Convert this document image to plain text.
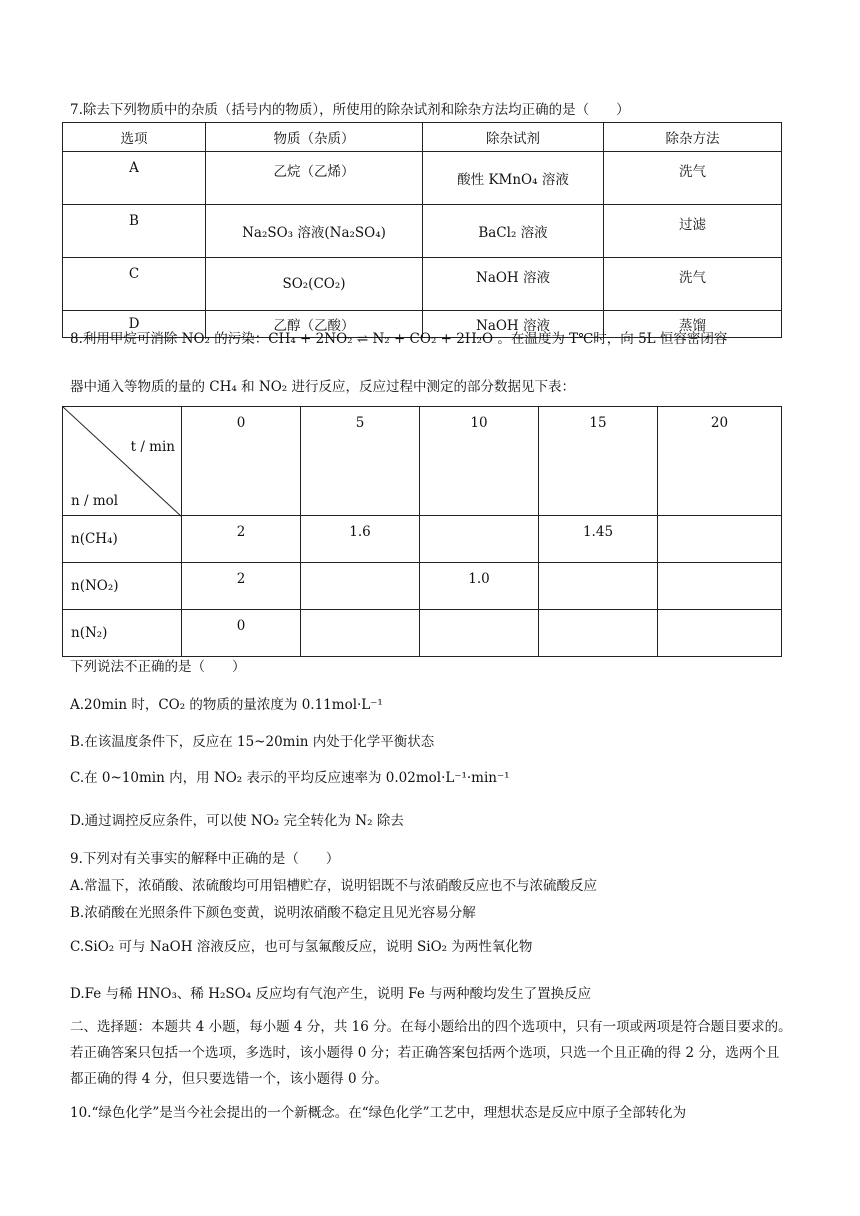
7.除去下列物质中的杂质（括号内的物质），所使用的除杂试剂和除杂方法均正确的是（　　）
选项	物质（杂质）	除杂试剂	除杂方法
A	乙烷（乙烯）	酸性 KMnO₄ 溶液	洗气
B	Na₂SO₃ 溶液(Na₂SO₄)	BaCl₂ 溶液	过滤
C	SO₂(CO₂)	NaOH 溶液	洗气
D	乙醇（乙酸）	NaOH 溶液	蒸馏
8.利用甲烷可消除 NO₂ 的污染：CH₄ + 2NO₂ ⇌ N₂ + CO₂ + 2H₂O 。在温度为 T℃时，向 5L 恒容密闭容
器中通入等物质的量的 CH₄ 和 NO₂ 进行反应，反应过程中测定的部分数据见下表：
t / min
n / mol	0	5	10	15	20
n(CH₄)	2	1.6		1.45	
n(NO₂)	2		1.0		
n(N₂)	0				
下列说法不正确的是（　　）
A.20min 时，CO₂ 的物质的量浓度为 0.11mol·L⁻¹
B.在该温度条件下，反应在 15~20min 内处于化学平衡状态
C.在 0~10min 内，用 NO₂ 表示的平均反应速率为 0.02mol·L⁻¹·min⁻¹
D.通过调控反应条件，可以使 NO₂ 完全转化为 N₂ 除去
9.下列对有关事实的解释中正确的是（　　）
A.常温下，浓硝酸、浓硫酸均可用铝槽贮存，说明铝既不与浓硝酸反应也不与浓硫酸反应
B.浓硝酸在光照条件下颜色变黄，说明浓硝酸不稳定且见光容易分解
C.SiO₂ 可与 NaOH 溶液反应，也可与氢氟酸反应，说明 SiO₂ 为两性氧化物
D.Fe 与稀 HNO₃、稀 H₂SO₄ 反应均有气泡产生，说明 Fe 与两种酸均发生了置换反应
二、选择题：本题共 4 小题，每小题 4 分，共 16 分。在每小题给出的四个选项中，只有一项或两项是符合题目要求的。若正确答案只包括一个选项，多选时，该小题得 0 分；若正确答案包括两个选项，只选一个且正确的得 2 分，选两个且都正确的得 4 分，但只要选错一个，该小题得 0 分。
10.“绿色化学”是当今社会提出的一个新概念。在“绿色化学”工艺中，理想状态是反应中原子全部转化为
